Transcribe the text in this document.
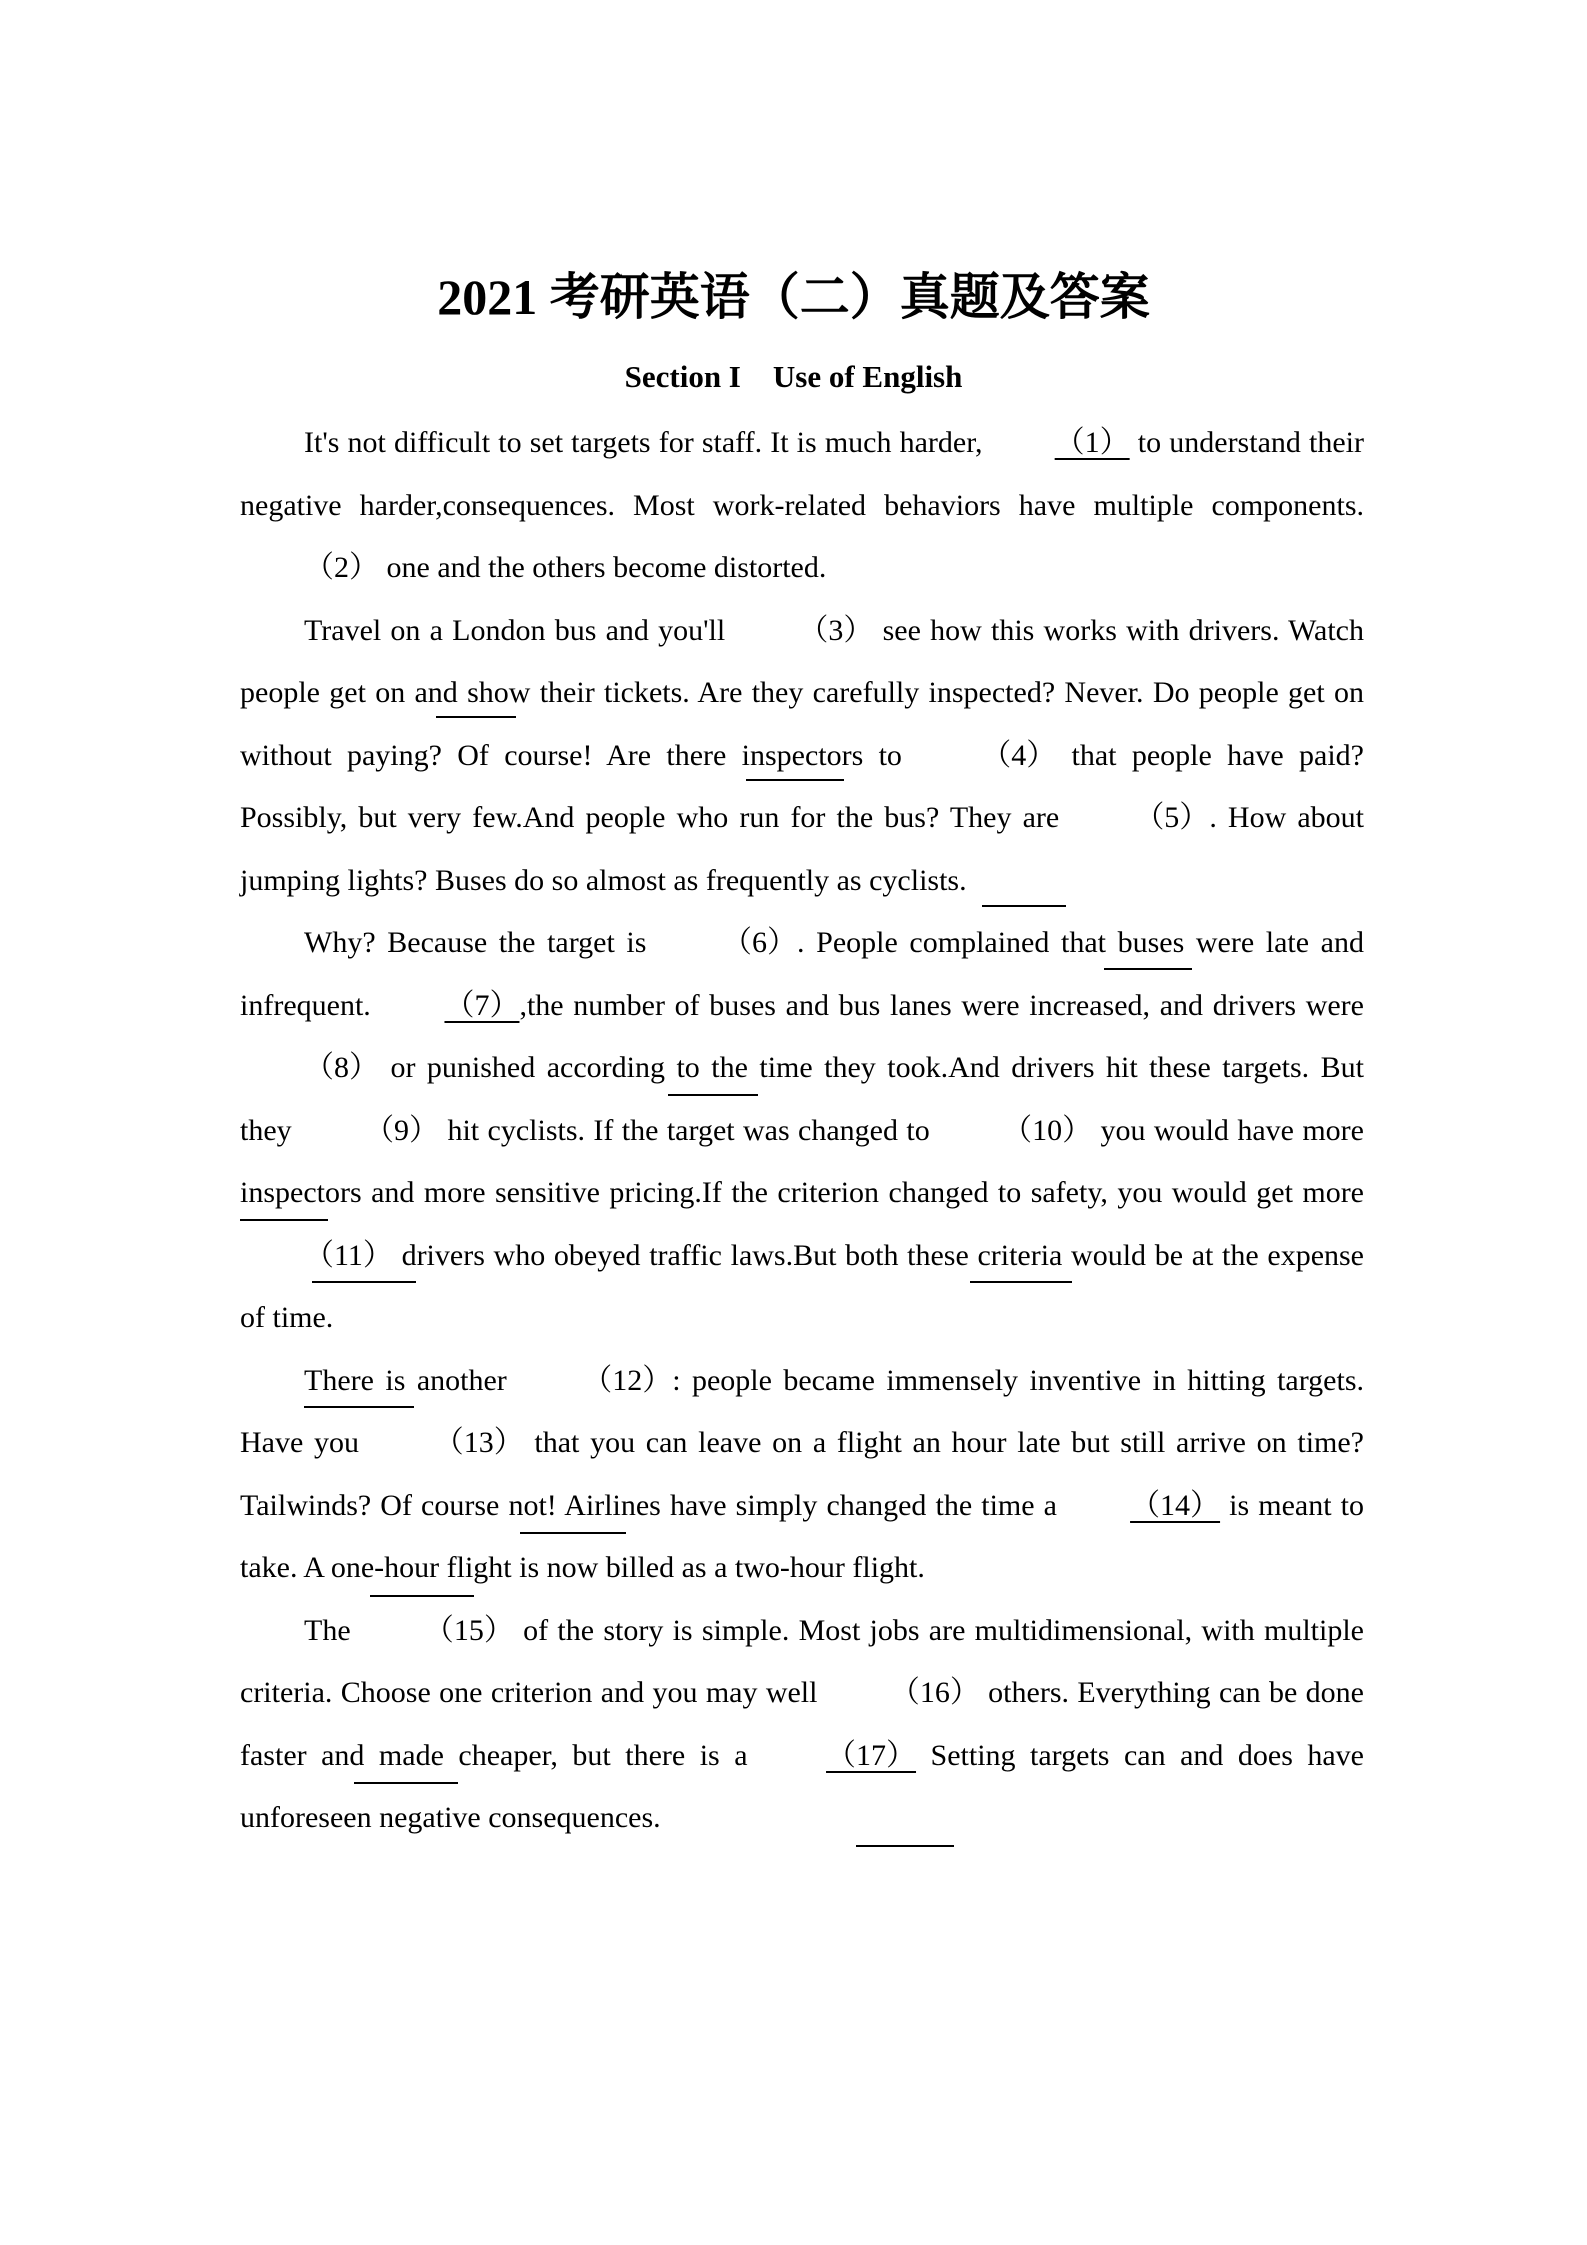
2021 考研英语（二）真题及答案
Section I Use of English

It's not difficult to set targets for staff. It is much harder, （1） to understand their negative harder,consequences. Most work-related behaviors have multiple components. （2） one and the others become distorted.

Travel on a London bus and you'll （3） see how this works with drivers. Watch people get on and show their tickets. Are they carefully inspected? Never. Do people get on without paying? Of course! Are there inspectors to （4） that people have paid? Possibly, but very few.And people who run for the bus? They are （5）. How about jumping lights? Buses do so almost as frequently as cyclists.

Why? Because the target is （6）. People complained that buses were late and infrequent. （7）,the number of buses and bus lanes were increased, and drivers were （8） or punished according to the time they took.And drivers hit these targets. But they （9） hit cyclists. If the target was changed to （10） you would have more inspectors and more sensitive pricing.If the criterion changed to safety, you would get more （11） drivers who obeyed traffic laws.But both these criteria would be at the expense of time.

There is another （12）: people became immensely inventive in hitting targets. Have you （13） that you can leave on a flight an hour late but still arrive on time? Tailwinds? Of course not! Airlines have simply changed the time a （14） is meant to take. A one-hour flight is now billed as a two-hour flight.

The （15） of the story is simple. Most jobs are multidimensional, with multiple criteria. Choose one criterion and you may well （16） others. Everything can be done faster and made cheaper, but there is a （17） Setting targets can and does have unforeseen negative consequences.
